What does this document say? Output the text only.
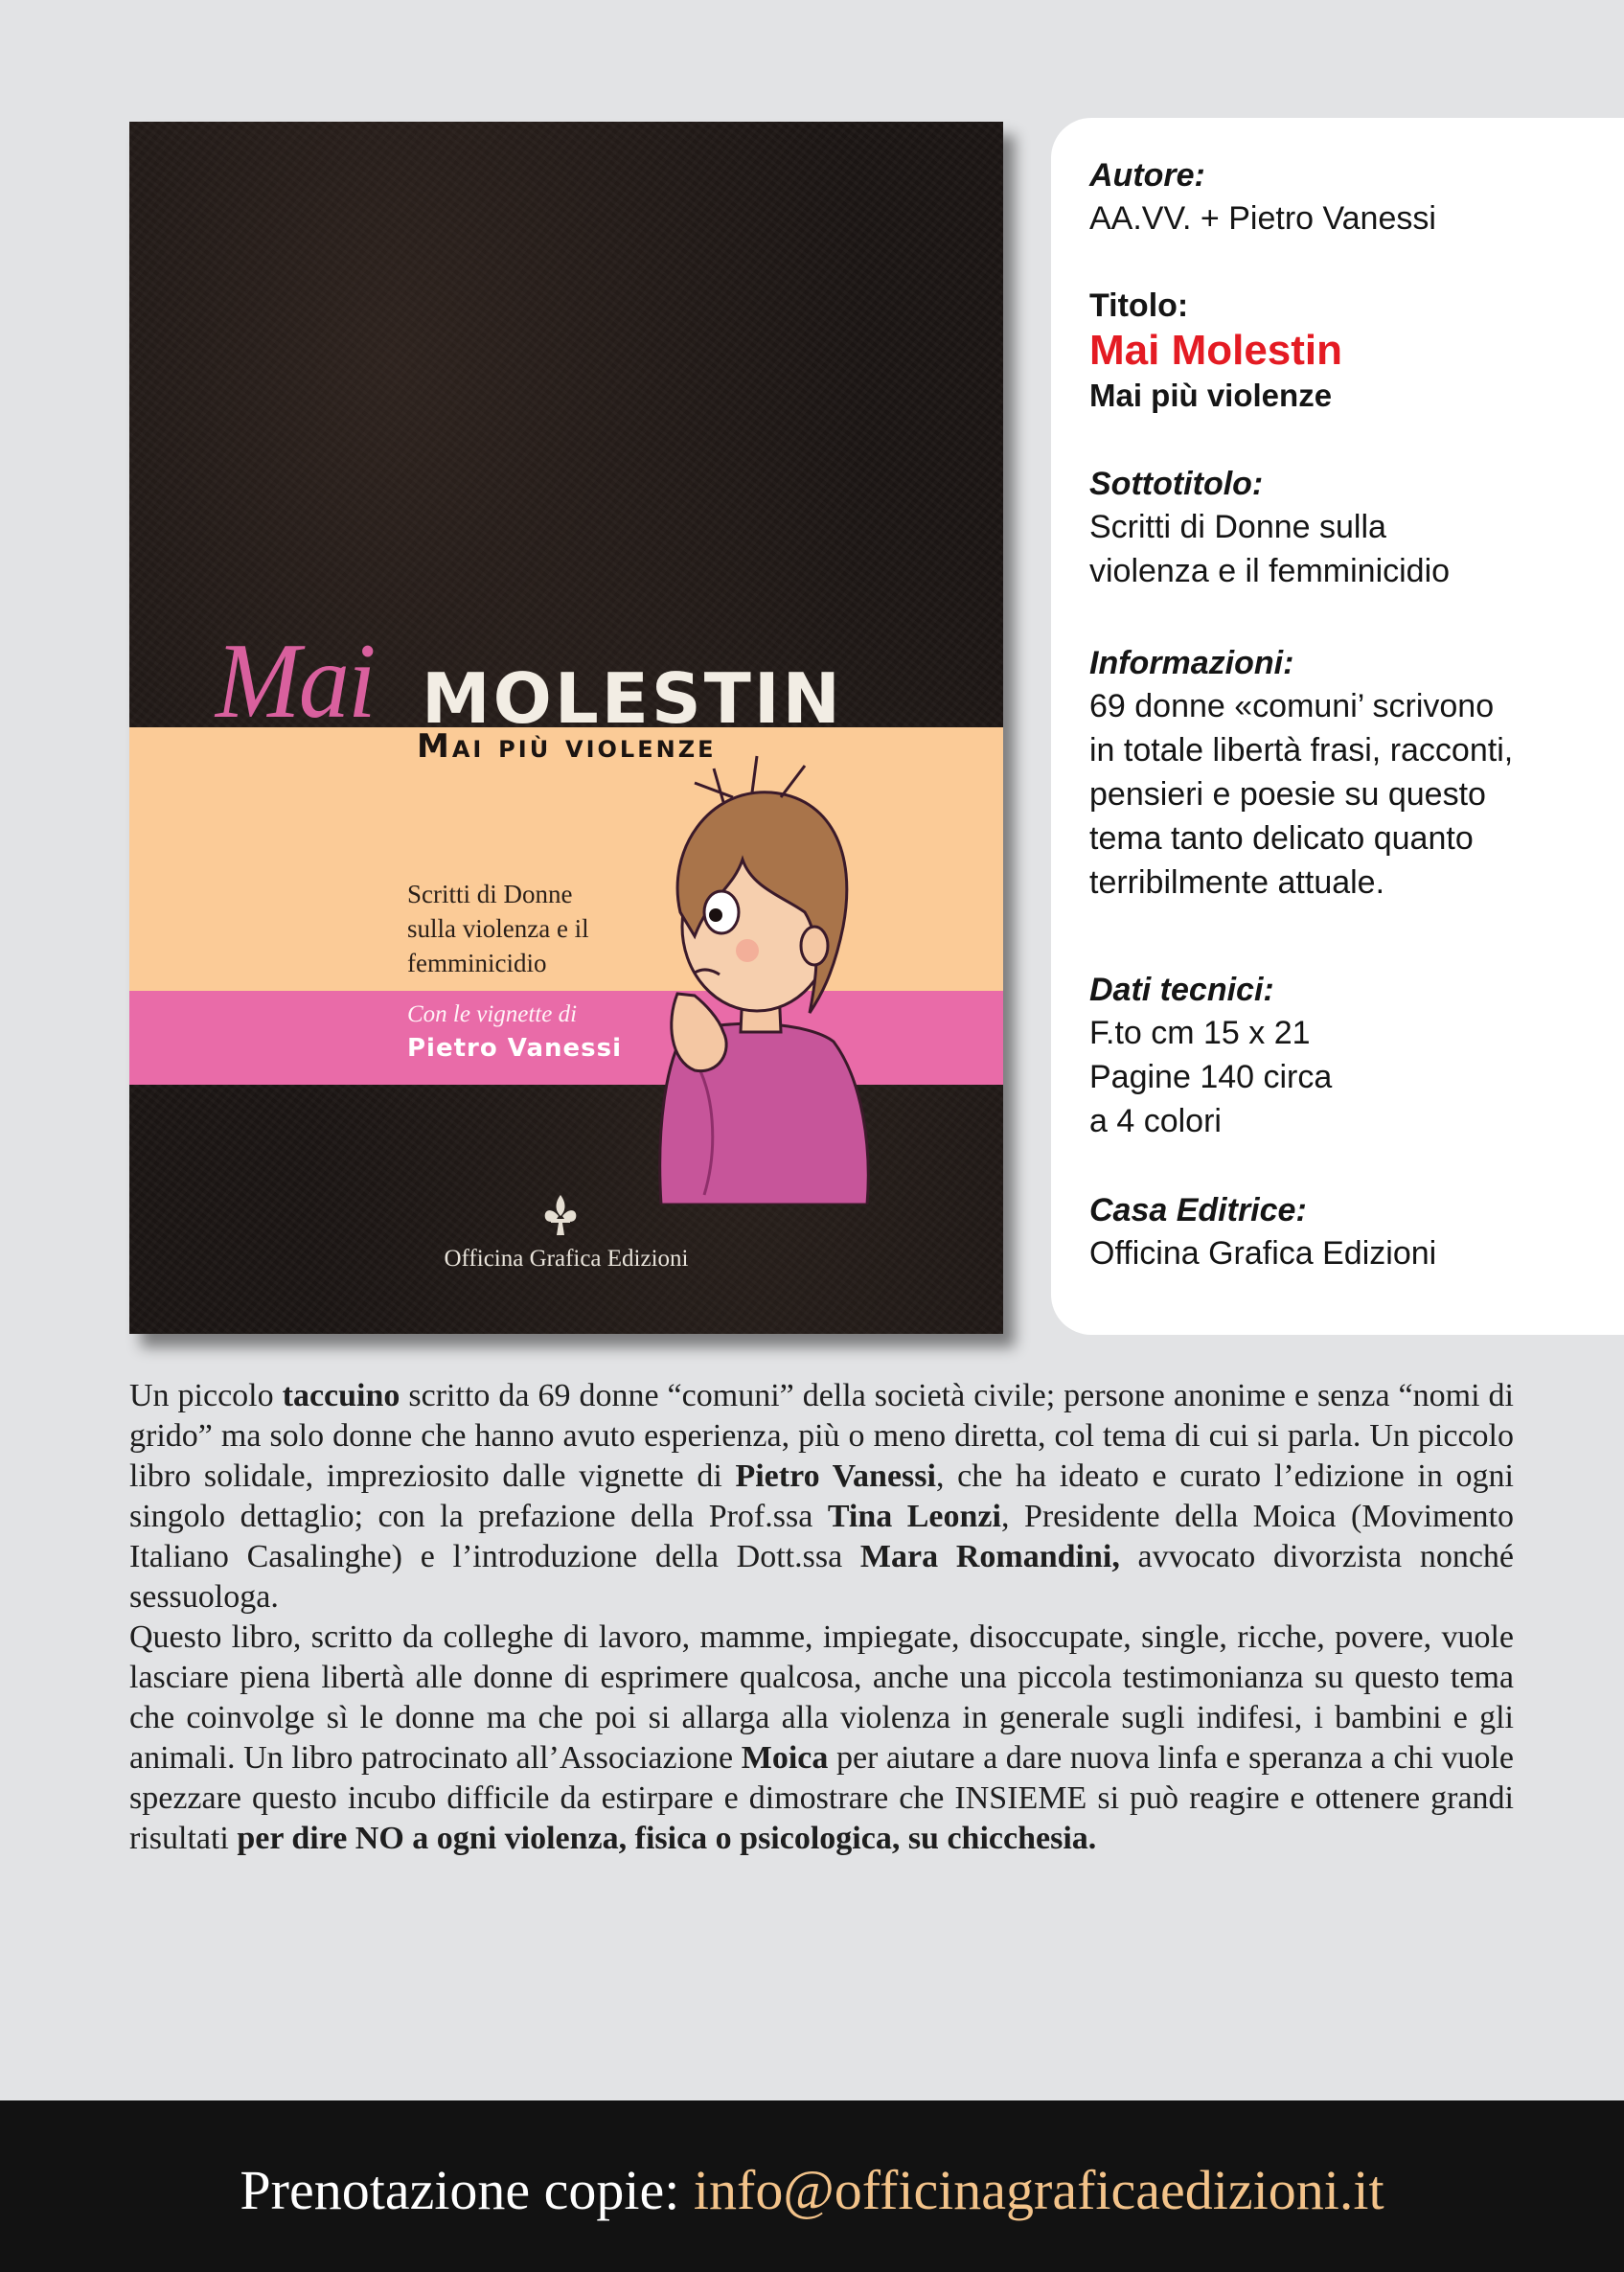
Mai MOLESTIN
Mai più violenze
Scritti di Donne
sulla violenza e il
femminicidio
Con le vignette di
Pietro Vanessi
Officina Grafica Edizioni
Autore:
AA.VV. + Pietro Vanessi
Titolo:
Mai Molestin
Mai più violenze
Sottotitolo:
Scritti di Donne sulla
violenza e il femminicidio
Informazioni:
69 donne «comuni’ scrivono
in totale libertà frasi, racconti,
pensieri e poesie su questo
tema tanto delicato quanto
terribilmente attuale.
Dati tecnici:
F.to cm 15 x 21
Pagine 140 circa
a 4 colori
Casa Editrice:
Officina Grafica Edizioni

Un piccolo taccuino scritto da 69 donne “comuni” della società civile; persone anonime e senza “nomi di grido” ma solo donne che hanno avuto esperienza, più o meno diretta, col tema di cui si parla. Un piccolo libro solidale, impreziosito dalle vignette di Pietro Vanessi, che ha ideato e curato l’edizione in ogni singolo dettaglio; con la prefazione della Prof.ssa Tina Leonzi, Presidente della Moica (Movimento Italiano Casalinghe) e l’introduzione della Dott.ssa Mara Romandini, avvocato divorzista nonché sessuologa.

Questo libro, scritto da colleghe di lavoro, mamme, impiegate, disoccupate, single, ricche, povere, vuole lasciare piena libertà alle donne di esprimere qualcosa, anche una piccola testimonianza su questo tema che coinvolge sì le donne ma che poi si allarga alla violenza in generale sugli indifesi, i bambini e gli animali. Un libro patrocinato all’Associazione Moica per aiutare a dare nuova linfa e speranza a chi vuole spezzare questo incubo difficile da estirpare e dimostrare che INSIEME si può reagire e ottenere grandi risultati per dire NO a ogni violenza, fisica o psicologica, su chicchesia.

Prenotazione copie: info@officinagraficaedizioni.it
